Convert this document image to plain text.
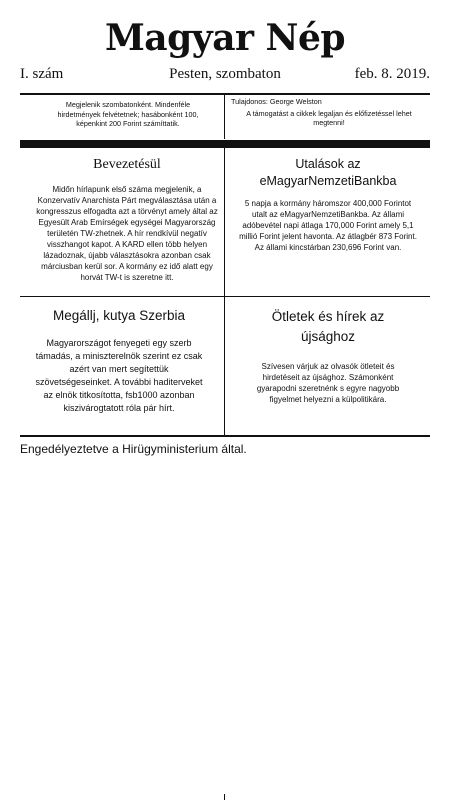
Magyar Nép
I. szám	Pesten, szombaton	feb. 8. 2019.
Megjelenik szombatonként. Mindenféle hirdetmények felvétetnek; hasábonként 100, képenkint 200 Forint számíttatik.
Tulajdonos: George Welston
A támogatást a cikkek legaljan és előfizetéssel lehet megtenni!
Bevezetésül
Midőn hírlapunk első száma megjelenik, a Konzervatív Anarchista Párt megválasztása után a kongresszus elfogadta azt a törvényt amely által az Egyesült Arab Emírségek egységei Magyarország területén TW-zhetnek. A hír rendkívül negatív visszhangot kapot. A KARD ellen több helyen lázadoznak, újabb választásokra azonban csak márciusban kerül sor. A kormány ez idő alatt egy horvát TW-t is szeretne itt.
Utalások az eMagyarNemzetiBankba
5 napja a kormány háromszor 400,000 Forintot utalt az eMagyarNemzetiBankba. Az állami adóbevétel napi átlaga 170,000 Forint amely 5,1 millió Forint jelent havonta. Az átlagbér 873 Forint. Az állami kincstárban 230,696 Forint van.
Megállj, kutya Szerbia
Magyarországot fenyegeti egy szerb támadás, a miniszterelnök szerint ez csak azért van mert segítettük szövetségeseinket. A további haditerveket az elnök titkosította, fsb1000 azonban kiszivárogtatott róla pár hírt.
Ötletek és hírek az újsághoz
Szívesen várjuk az olvasók ötleteit és hirdetéseit az újsághoz. Számonként gyarapodni szeretnénk s egyre nagyobb figyelmet helyezni a külpolitikára.
Engedélyeztetve a Hirügyministerium által.
